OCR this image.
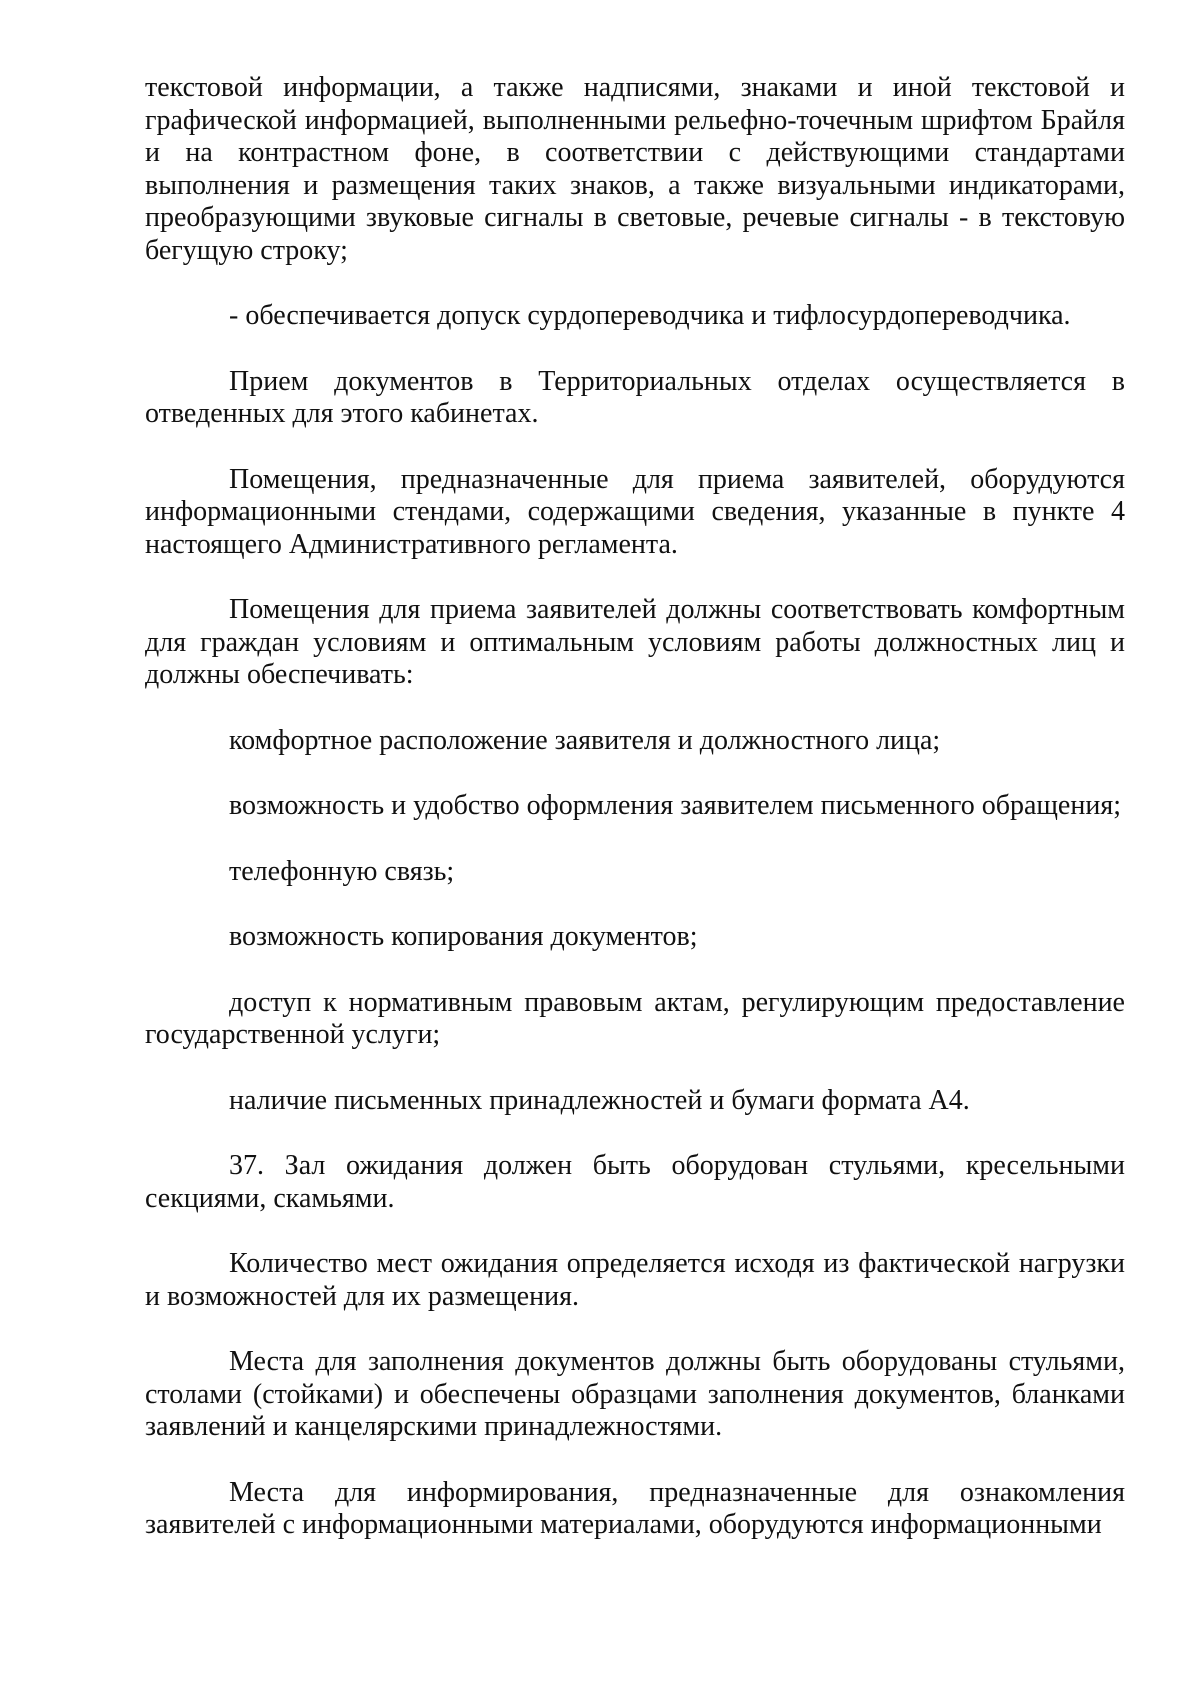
текстовой информации, а также надписями, знаками и иной текстовой и графической информацией, выполненными рельефно-точечным шрифтом Брайля и на контрастном фоне, в соответствии с действующими стандартами выполнения и размещения таких знаков, а также визуальными индикаторами, преобразующими звуковые сигналы в световые, речевые сигналы - в текстовую бегущую строку;

- обеспечивается допуск сурдопереводчика и тифлосурдопереводчика.

Прием документов в Территориальных отделах осуществляется в отведенных для этого кабинетах.

Помещения, предназначенные для приема заявителей, оборудуются информационными стендами, содержащими сведения, указанные в пункте 4 настоящего Административного регламента.

Помещения для приема заявителей должны соответствовать комфортным для граждан условиям и оптимальным условиям работы должностных лиц и должны обеспечивать:

комфортное расположение заявителя и должностного лица;

возможность и удобство оформления заявителем письменного обращения;

телефонную связь;

возможность копирования документов;

доступ к нормативным правовым актам, регулирующим предоставление государственной услуги;

наличие письменных принадлежностей и бумаги формата А4.

37. Зал ожидания должен быть оборудован стульями, кресельными секциями, скамьями.

Количество мест ожидания определяется исходя из фактической нагрузки и возможностей для их размещения.

Места для заполнения документов должны быть оборудованы стульями, столами (стойками) и обеспечены образцами заполнения документов, бланками заявлений и канцелярскими принадлежностями.

Места для информирования, предназначенные для ознакомления заявителей с информационными материалами, оборудуются информационными
